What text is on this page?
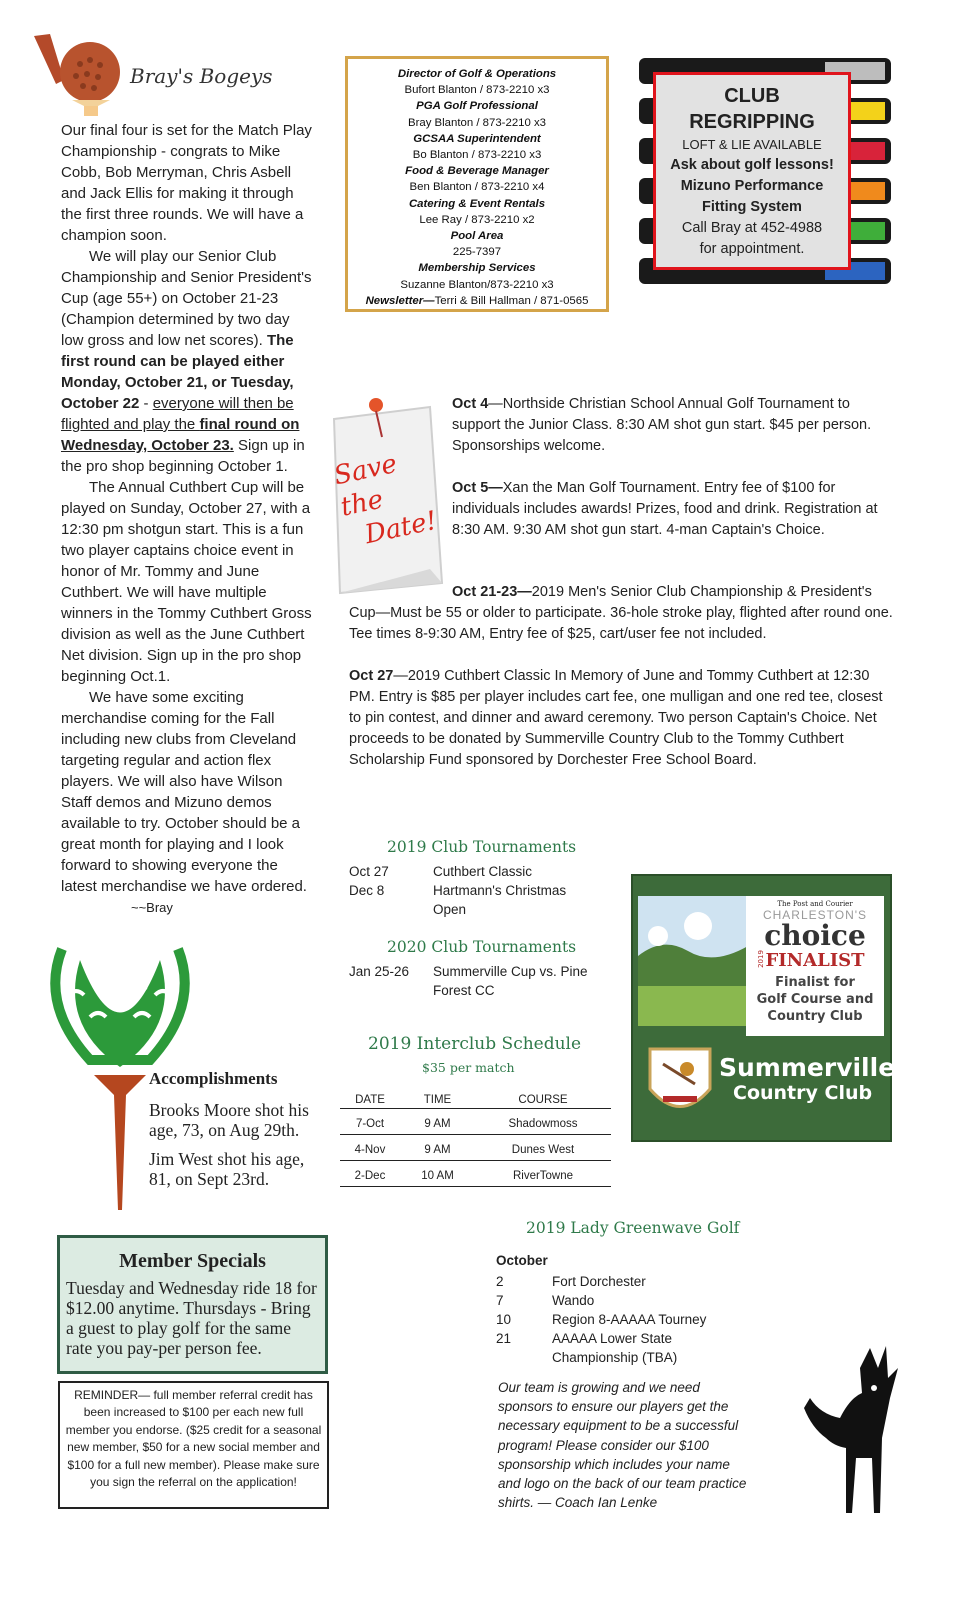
Bray's Bogeys

Our final four is set for the Match Play Championship - congrats to Mike Cobb, Bob Merryman, Chris Asbell and Jack Ellis for making it through the first three rounds. We will have a champion soon.

We will play our Senior Club Championship and Senior President's Cup (age 55+) on October 21-23 (Champion determined by two day low gross and low net scores). The first round can be played either Monday, October 21, or Tuesday, October 22 - everyone will then be flighted and play the final round on Wednesday, October 23. Sign up in the pro shop beginning October 1.

The Annual Cuthbert Cup will be played on Sunday, October 27, with a 12:30 pm shotgun start. This is a fun two player captains choice event in honor of Mr. Tommy and June Cuthbert. We will have multiple winners in the Tommy Cuthbert Gross division as well as the June Cuthbert Net division. Sign up in the pro shop beginning Oct.1.

We have some exciting merchandise coming for the Fall including new clubs from Cleveland targeting regular and action flex players. We will also have Wilson Staff demos and Mizuno demos available to try. October should be a great month for playing and I look forward to showing everyone the latest merchandise we have ordered.~~Bray

Director of Golf & Operations
Bufort Blanton / 873-2210 x3
PGA Golf Professional
Bray Blanton / 873-2210 x3
GCSAA Superintendent
Bo Blanton / 873-2210 x3
Food & Beverage Manager
Ben Blanton / 873-2210 x4
Catering & Event Rentals
Lee Ray / 873-2210 x2
Pool Area
225-7397
Membership Services
Suzanne Blanton/873-2210 x3
Newsletter—Terri & Bill Hallman / 871-0565
CLUB
REGRIPPING
LOFT & LIE AVAILABLE
Ask about golf lessons!
Mizuno Performance
Fitting System
Call Bray at 452-4988
for appointment.
Save the
Date!
Oct 4—Northside Christian School Annual Golf Tournament to support the Junior Class. 8:30 AM shot gun start. $45 per person. Sponsorships welcome.
Oct 5—Xan the Man Golf Tournament. Entry fee of $100 for individuals includes awards! Prizes, food and drink. Registration at 8:30 AM. 9:30 AM shot gun start. 4-man Captain's Choice.
Oct 21-23—2019 Men's Senior Club Championship & President's Cup—Must be 55 or older to participate. 36-hole stroke play, flighted after round one. Tee times 8-9:30 AM, Entry fee of $25, cart/user fee not included.
Oct 27—2019 Cuthbert Classic In Memory of June and Tommy Cuthbert at 12:30 PM. Entry is $85 per player includes cart fee, one mulligan and one red tee, closest to pin contest, and dinner and award ceremony. Two person Captain's Choice. Net proceeds to be donated by Summerville Country Club to the Tommy Cuthbert Scholarship Fund sponsored by Dorchester Free School Board.
2019 Club Tournaments
Oct 27	Cuthbert Classic
Dec 8	Hartmann's Christmas Open
2020 Club Tournaments
Jan 25-26 Summerville Cup vs. Pine Forest CC
2019 Interclub Schedule
$35 per match
DATE	TIME	COURSE
7-Oct	9 AM	Shadowmoss
4-Nov	9 AM	Dunes West
2-Dec	10 AM	RiverTowne
The Post and Courier
CHARLESTON'S
choice
2019 FINALIST
Finalist for
Golf Course and
Country Club
Summerville
Country Club
Accomplishments
Brooks Moore shot his age, 73, on Aug 29th.
Jim West shot his age, 81, on Sept 23rd.
Member Specials
Tuesday and Wednesday ride 18 for $12.00 anytime. Thursdays - Bring a guest to play golf for the same rate you pay-per person fee.
REMINDER— full member referral credit has been increased to $100 per each new full member you endorse. ($25 credit for a seasonal new member, $50 for a new social member and $100 for a full new member). Please make sure you sign the referral on the application!
2019 Lady Greenwave Golf
October
2	Fort Dorchester
7	Wando
10	Region 8-AAAAA Tourney
21	AAAAA Lower State Championship (TBA)
Our team is growing and we need sponsors to ensure our players get the necessary equipment to be a successful program! Please consider our $100 sponsorship which includes your name and logo on the back of our team practice shirts. — Coach Ian Lenke
